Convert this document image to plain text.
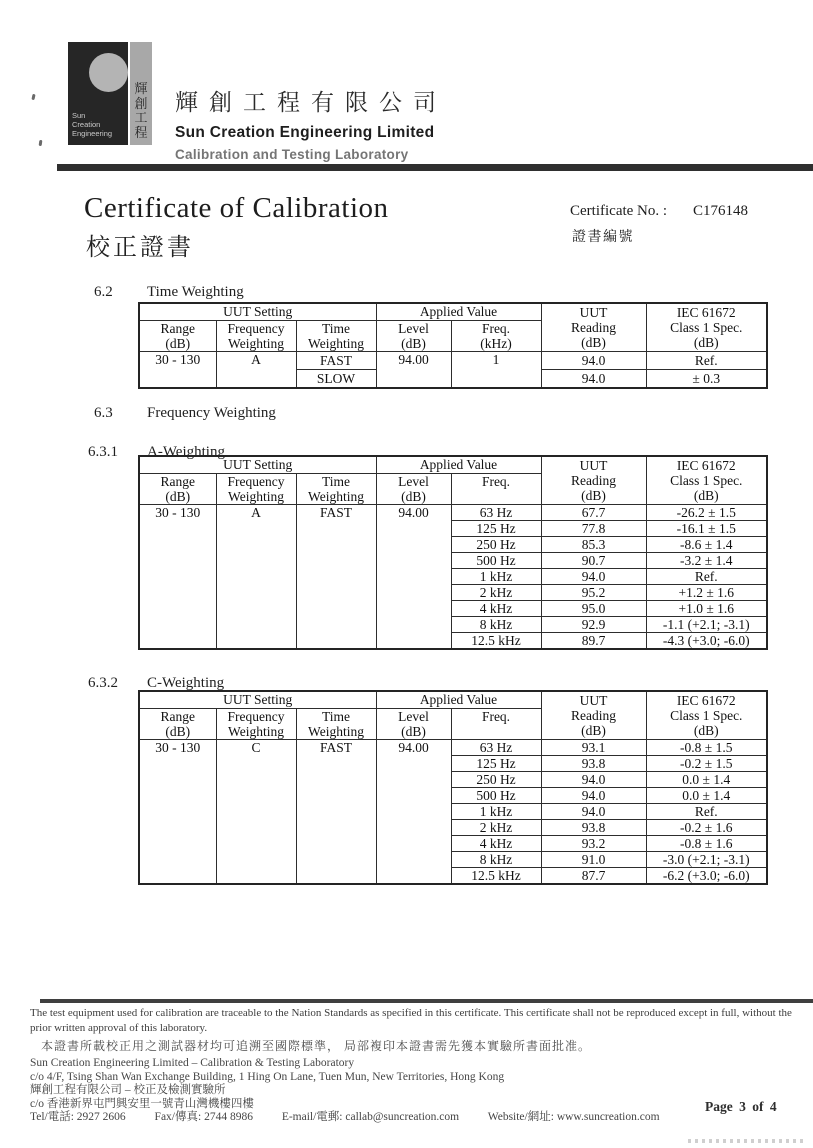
Sun
Creation
Engineering
輝
創
工
程
輝創工程有限公司
Sun Creation Engineering Limited
Calibration and Testing Laboratory
Certificate of Calibration
校正證書
Certificate No. : C176148
證書編號
6.2 Time Weighting
UUT Setting			Applied Value		UUT
Reading
(dB)	IEC 61672
Class 1 Spec.
(dB)

Range
(dB)	Frequency
Weighting	Time
Weighting	Level
(dB)	Freq.
(kHz)		

30 - 130	A	FAST	94.00	1	94.0	Ref.
		SLOW			94.0	± 0.3
6.3 Frequency Weighting
6.3.1 A-Weighting
UUT Setting			Applied Value		UUT
Reading
(dB)	IEC 61672
Class 1 Spec.
(dB)

Range
(dB)	Frequency
Weighting	Time
Weighting	Level
(dB)	Freq.		

30 - 130	A	FAST	94.00	63 Hz	67.7	-26.2 ± 1.5
				125 Hz	77.8	-16.1 ± 1.5
				250 Hz	85.3	-8.6 ± 1.4
				500 Hz	90.7	-3.2 ± 1.4
				1 kHz	94.0	Ref.
				2 kHz	95.2	+1.2 ± 1.6
				4 kHz	95.0	+1.0 ± 1.6
				8 kHz	92.9	-1.1 (+2.1; -3.1)
				12.5 kHz	89.7	-4.3 (+3.0; -6.0)
6.3.2 C-Weighting
UUT Setting			Applied Value		UUT
Reading
(dB)	IEC 61672
Class 1 Spec.
(dB)

Range
(dB)	Frequency
Weighting	Time
Weighting	Level
(dB)	Freq.		

30 - 130	C	FAST	94.00	63 Hz	93.1	-0.8 ± 1.5
				125 Hz	93.8	-0.2 ± 1.5
				250 Hz	94.0	0.0 ± 1.4
				500 Hz	94.0	0.0 ± 1.4
				1 kHz	94.0	Ref.
				2 kHz	93.8	-0.2 ± 1.6
				4 kHz	93.2	-0.8 ± 1.6
				8 kHz	91.0	-3.0 (+2.1; -3.1)
				12.5 kHz	87.7	-6.2 (+3.0; -6.0)
The test equipment used for calibration are traceable to the Nation Standards as specified in this certificate. This certificate shall not be reproduced except in full, without the prior written approval of this laboratory.
本證書所載校正用之測試器材均可追溯至國際標準， 局部複印本證書需先獲本實驗所書面批准。
Sun Creation Engineering Limited – Calibration & Testing Laboratory
c/o 4/F, Tsing Shan Wan Exchange Building, 1 Hing On Lane, Tuen Mun, New Territories, Hong Kong
輝創工程有限公司 – 校正及檢測實驗所
c/o 香港新界屯門興安里一號青山灣機樓四樓
Tel/電話: 2927 2606	Fax/傳真: 2744 8986	E-mail/電郵: callab@suncreation.com Website/網址: www.suncreation.com
Page 3 of 4
